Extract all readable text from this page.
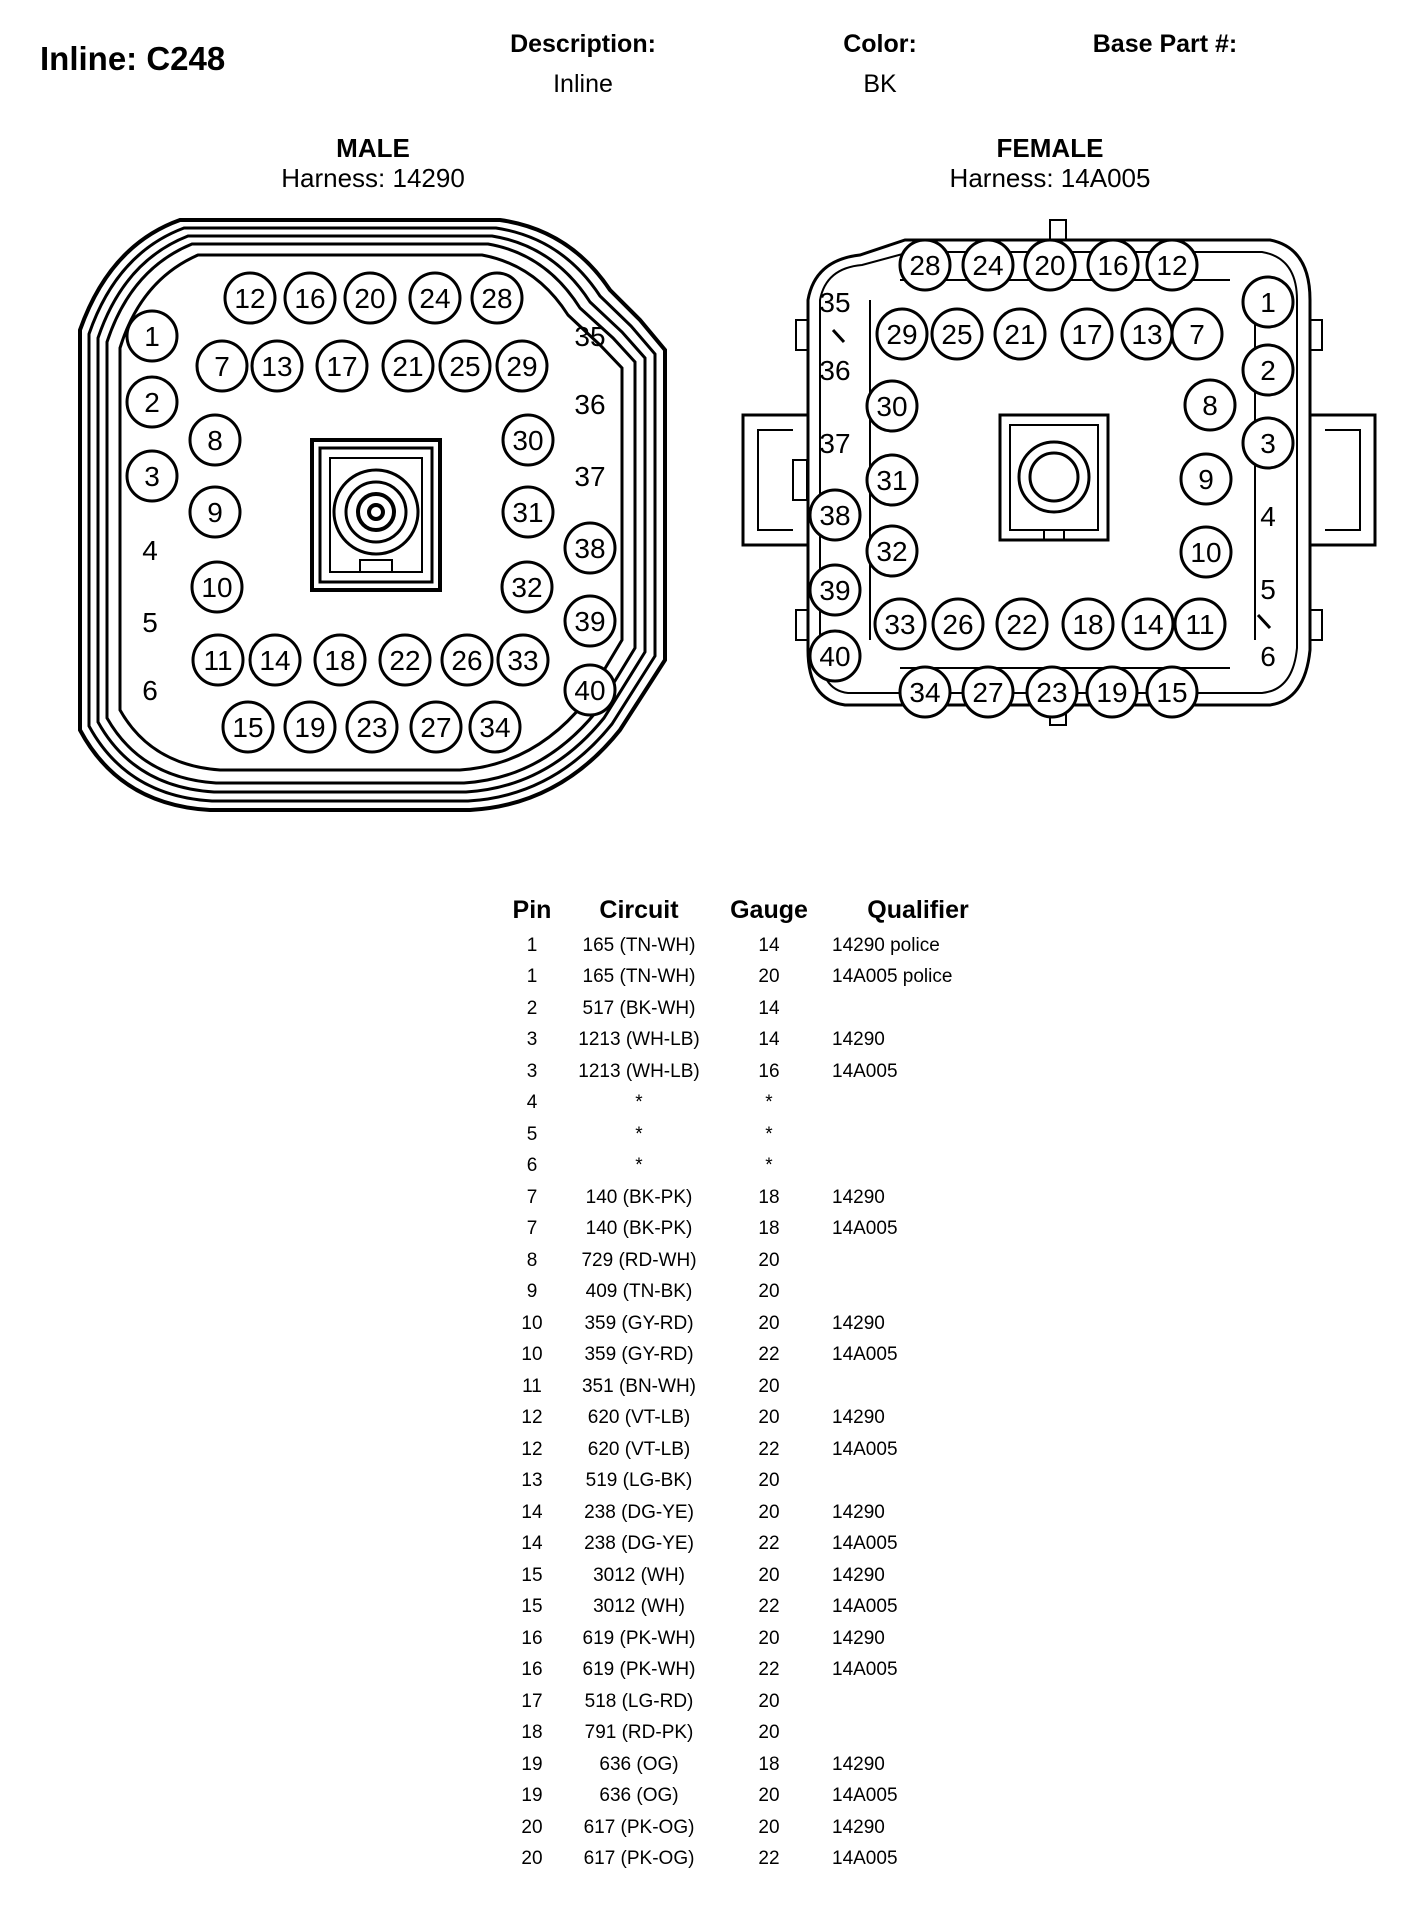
Inline: C248	Description:
Inline
Color:
BK
Base Part #:
MALE
Harness: 14290
FEMALE
Harness: 14A005
12 16 20 24 28
1	35
7 13 17 21 25 29
2	36
8	30
3	37
9	31
38
4
10	32
5	39
11 14 18 22 26 33
6	40
15 19 23 27 34
28 24 20 16 12
35	1
36
29 25 21 17 13 7
2
30	8
37	3
31	9
38	4
32	10
39	5
6
33 26 22 18 14 11
40
34 27 23 19 15
Pin	Circuit	Gauge	Qualifier
1	165 (TN-WH)	14	14290 police
1	165 (TN-WH)	20	14A005 police
2	517 (BK-WH)	14	
3	1213 (WH-LB)	14	14290
3	1213 (WH-LB)	16	14A005
4	*	*	
5	*	*	
6	*	*	
7	140 (BK-PK)	18	14290
7	140 (BK-PK)	18	14A005
8	729 (RD-WH)	20	
9	409 (TN-BK)	20	
10	359 (GY-RD)	20	14290
10	359 (GY-RD)	22	14A005
11	351 (BN-WH)	20	
12	620 (VT-LB)	20	14290
12	620 (VT-LB)	22	14A005
13	519 (LG-BK)	20	
14	238 (DG-YE)	20	14290
14	238 (DG-YE)	22	14A005
15	3012 (WH)	20	14290
15	3012 (WH)	22	14A005
16	619 (PK-WH)	20	14290
16	619 (PK-WH)	22	14A005
17	518 (LG-RD)	20	
18	791 (RD-PK)	20	
19	636 (OG)	18	14290
19	636 (OG)	20	14A005
20	617 (PK-OG)	20	14290
20	617 (PK-OG)	22	14A005
